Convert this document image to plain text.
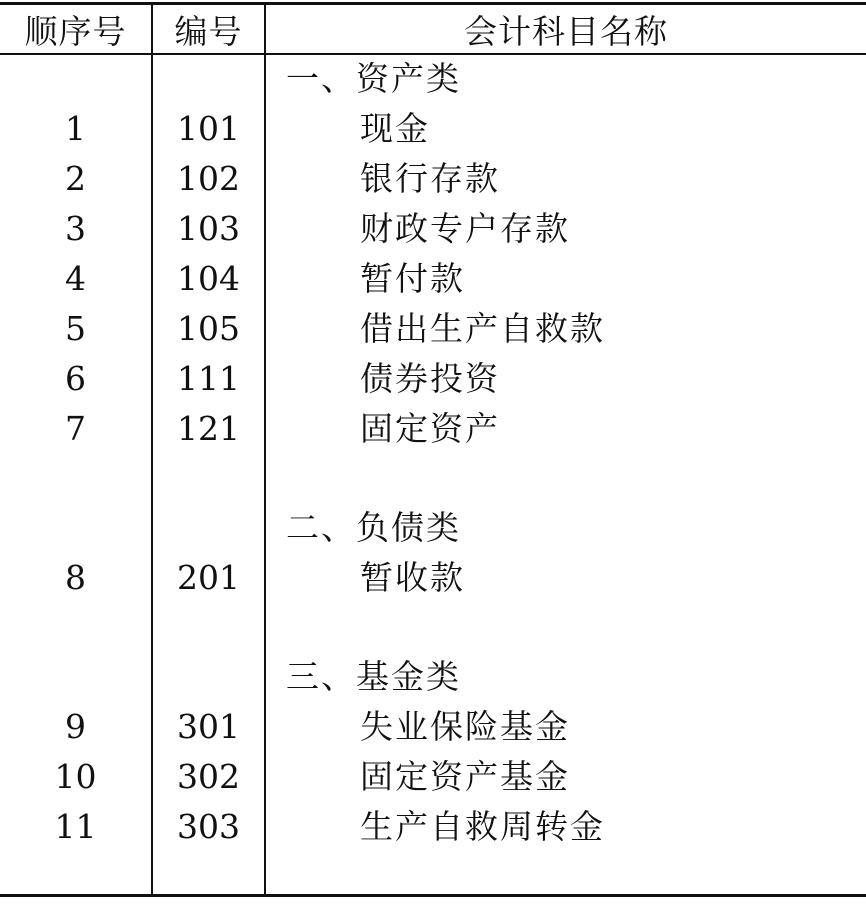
顺序号	编号	会计科目名称
一、资产类
1	101	现金
2	102	银行存款
3	103	财政专户存款
4	104	暂付款
5	105	借出生产自救款
6	111	债券投资
7	121	固定资产
二、负债类
8	201	暂收款
三、基金类
9	301	失业保险基金
10	302	固定资产基金
11	303	生产自救周转金
